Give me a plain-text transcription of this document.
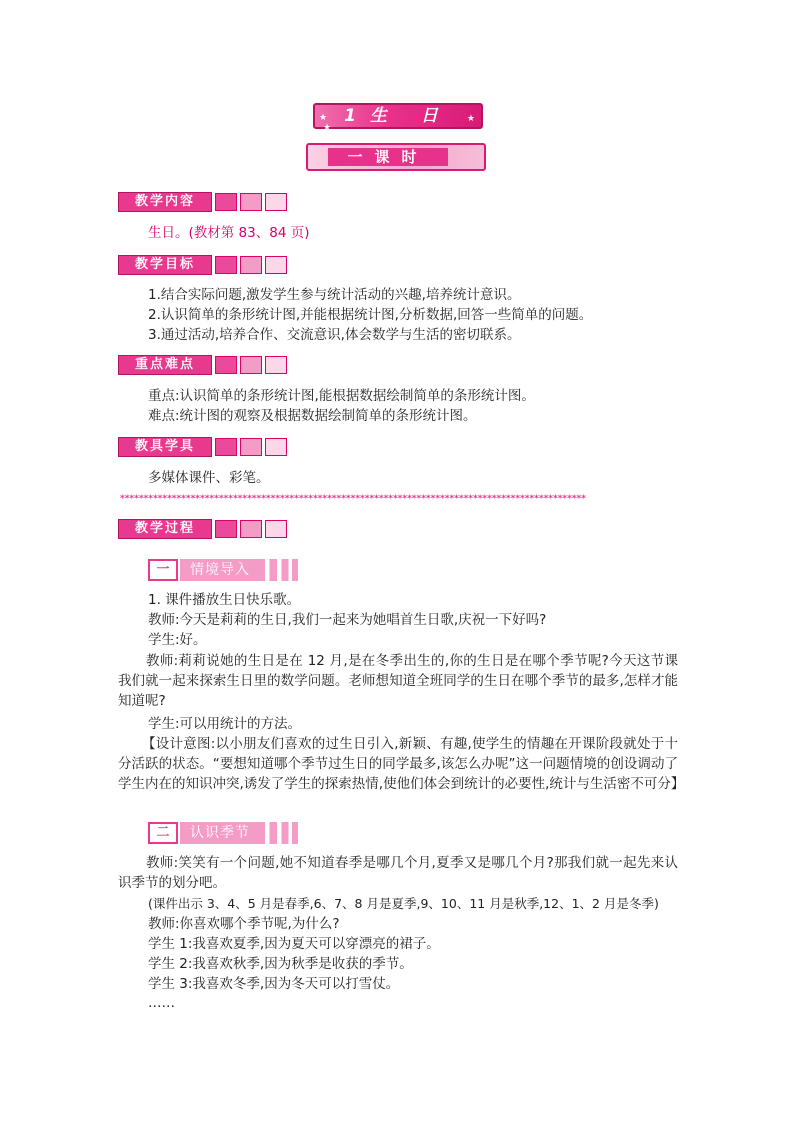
★
★
★
1生 日
一课时
教学内容
生日。(教材第 83、84 页)
教学目标
1.结合实际问题,激发学生参与统计活动的兴趣,培养统计意识。
2.认识简单的条形统计图,并能根据统计图,分析数据,回答一些简单的问题。
3.通过活动,培养合作、交流意识,体会数学与生活的密切联系。
重点难点
重点:认识简单的条形统计图,能根据数据绘制简单的条形统计图。
难点:统计图的观察及根据数据绘制简单的条形统计图。
教具学具
多媒体课件、彩笔。
***************************************************************************************************
教学过程
一	情境导入
1. 课件播放生日快乐歌。
教师:今天是莉莉的生日,我们一起来为她唱首生日歌,庆祝一下好吗?
学生:好。
教师:莉莉说她的生日是在 12 月,是在冬季出生的,你的生日是在哪个季节呢?今天这节课我们就一起来探索生日里的数学问题。老师想知道全班同学的生日在哪个季节的最多,怎样才能知道呢?
学生:可以用统计的方法。
【设计意图:以小朋友们喜欢的过生日引入,新颖、有趣,使学生的情趣在开课阶段就处于十分活跃的状态。“要想知道哪个季节过生日的同学最多,该怎么办呢”这一问题情境的创设调动了学生内在的知识冲突,诱发了学生的探索热情,使他们体会到统计的必要性,统计与生活密不可分】
二	认识季节
教师:笑笑有一个问题,她不知道春季是哪几个月,夏季又是哪几个月?那我们就一起先来认识季节的划分吧。
(课件出示 3、4、5 月是春季,6、7、8 月是夏季,9、10、11 月是秋季,12、1、2 月是冬季)
教师:你喜欢哪个季节呢,为什么?
学生 1:我喜欢夏季,因为夏天可以穿漂亮的裙子。
学生 2:我喜欢秋季,因为秋季是收获的季节。
学生 3:我喜欢冬季,因为冬天可以打雪仗。
……
